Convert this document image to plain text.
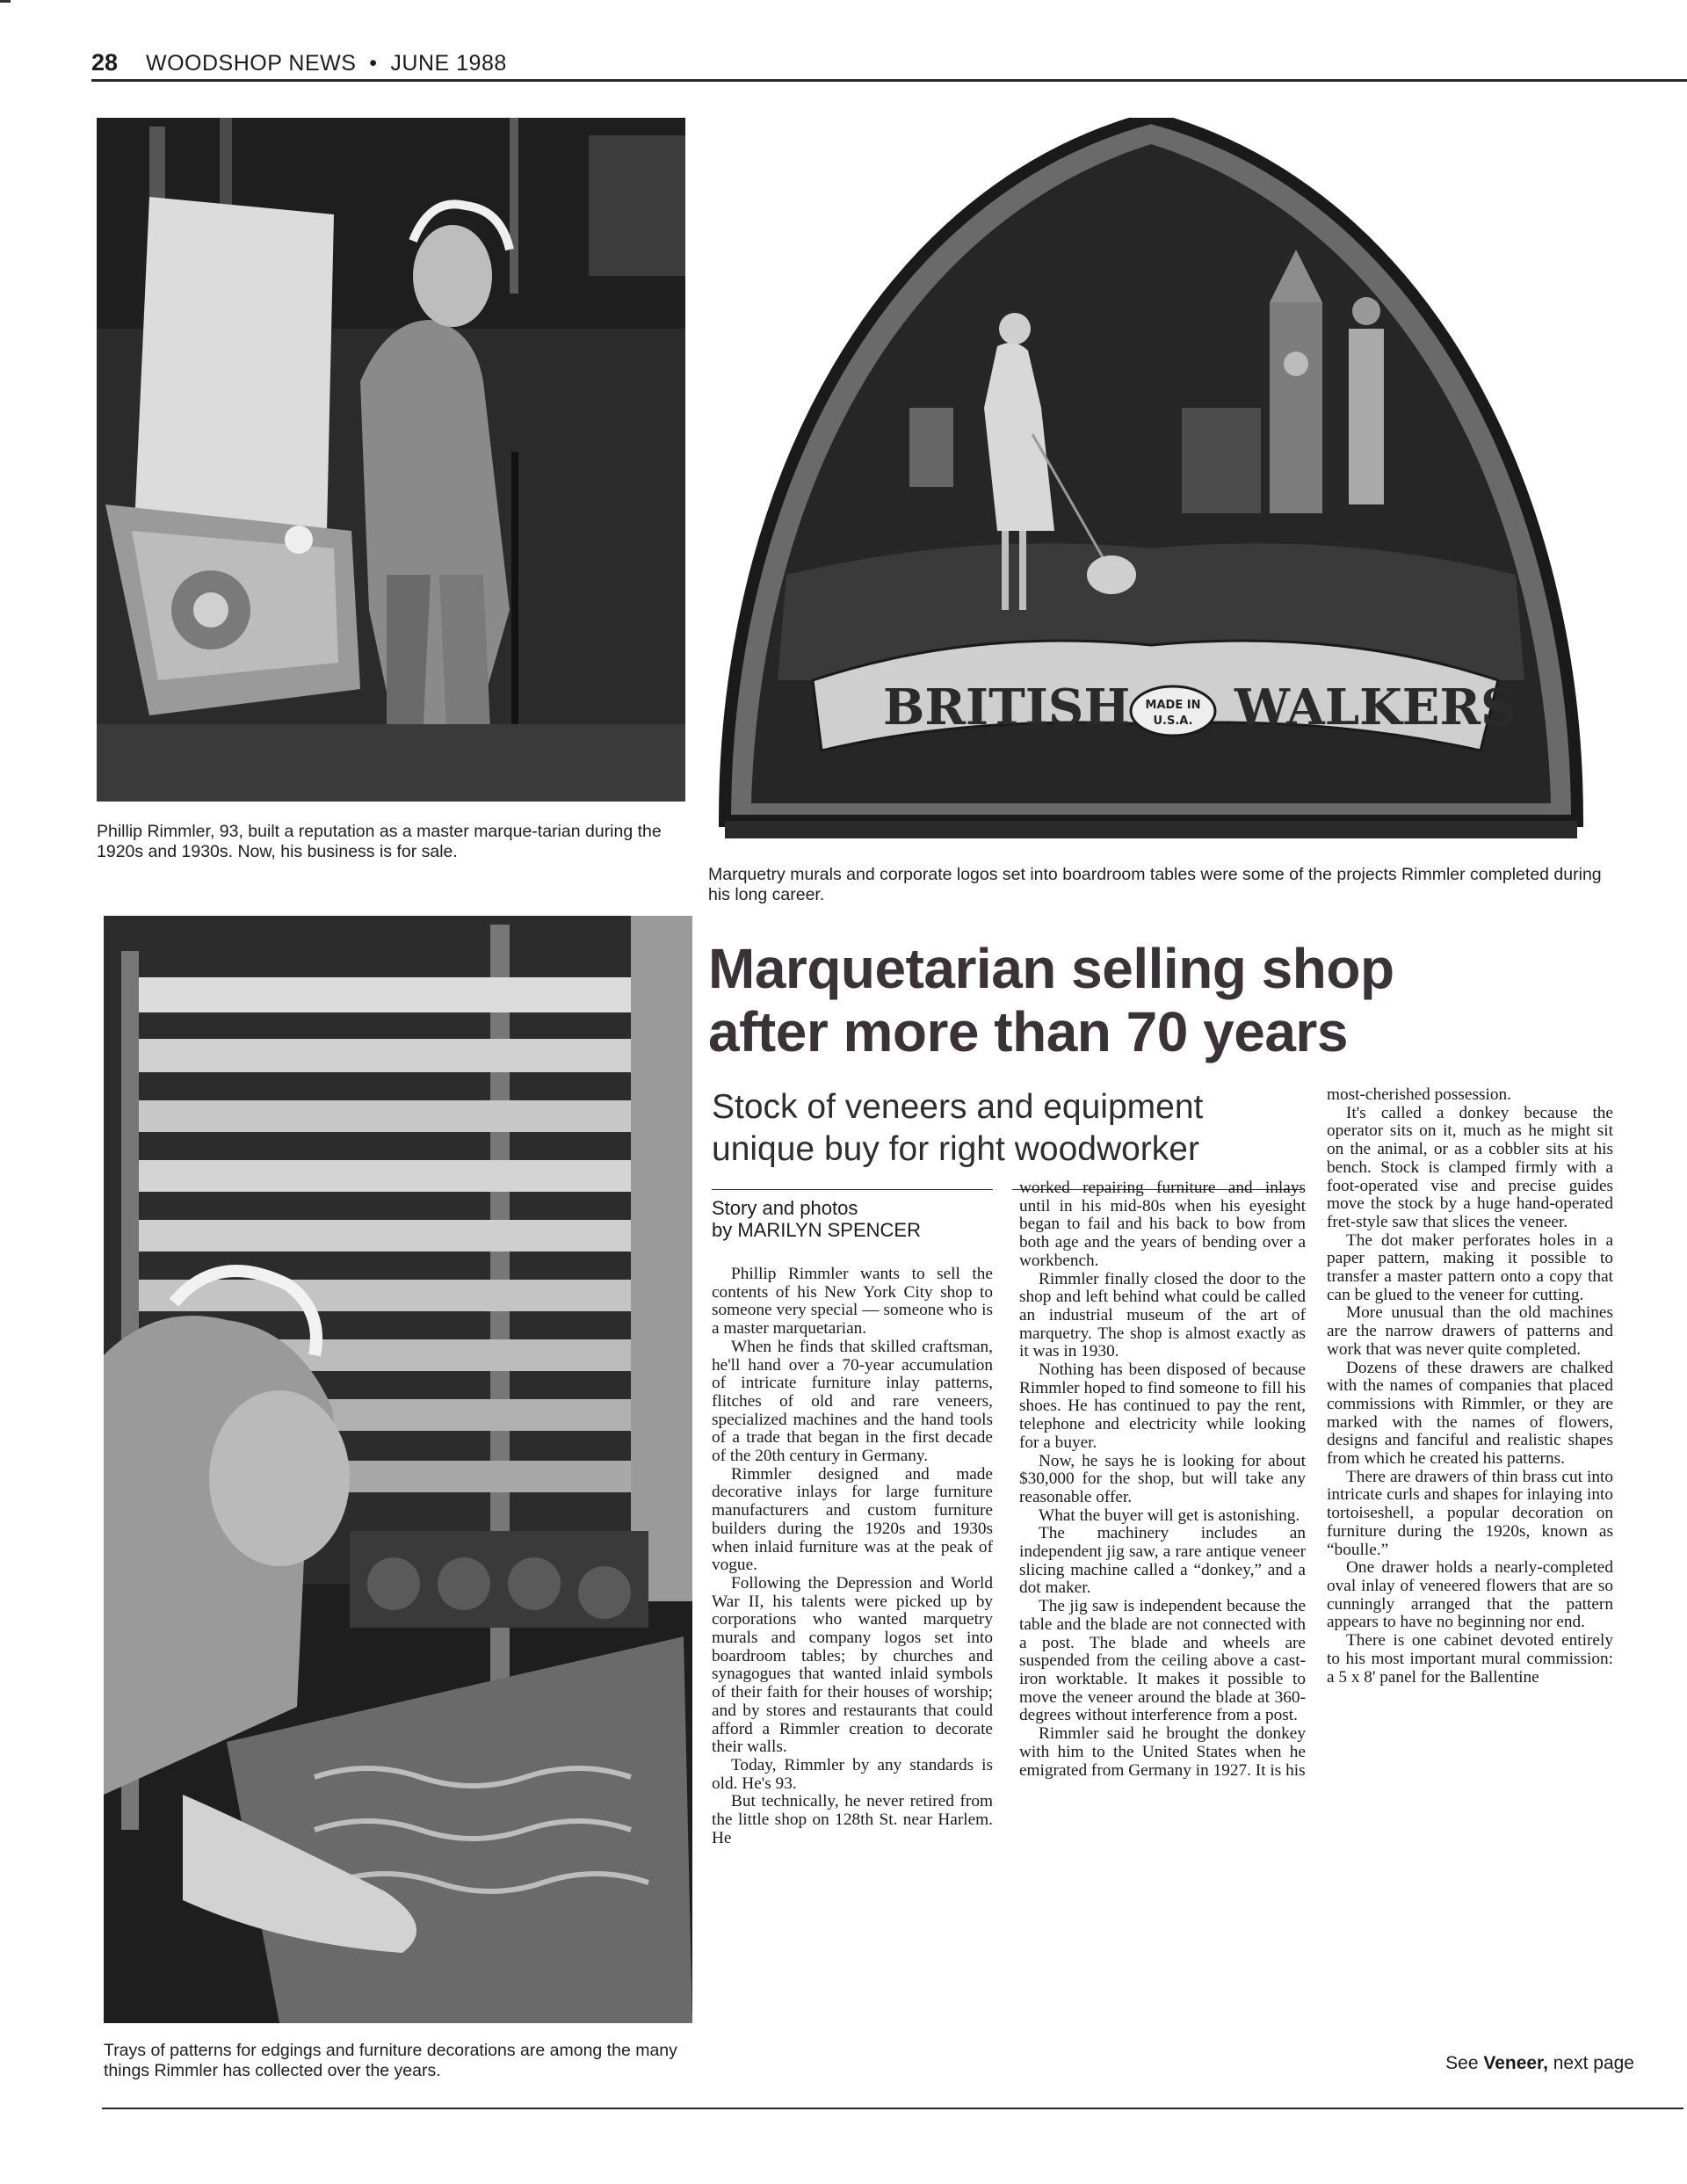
28 WOODSHOP NEWS  •  JUNE 1988
Phillip Rimmler, 93, built a reputation as a master marque-tarian during the 1920s and 1930s. Now, his business is for sale.
BRITISH WALKERS
MADE IN
U.S.A.
Marquetry murals and corporate logos set into boardroom tables were some of the projects Rimmler completed during his long career.
Trays of patterns for edgings and furniture decorations are among the many things Rimmler has collected over the years.
Marquetarian selling shop
after more than 70 years
Stock of veneers and equipment
unique buy for right woodworker
Story and photos
by MARILYN SPENCER

Phillip Rimmler wants to sell the contents of his New York City shop to someone very special — someone who is a master marquetarian.

When he finds that skilled craftsman, he'll hand over a 70-year accumulation of intricate furniture inlay patterns, flitches of old and rare veneers, specialized machines and the hand tools of a trade that began in the first decade of the 20th century in Germany.

Rimmler designed and made decorative inlays for large furniture manufacturers and custom furniture builders during the 1920s and 1930s when inlaid furniture was at the peak of vogue.

Following the Depression and World War II, his talents were picked up by corporations who wanted marquetry murals and company logos set into boardroom tables; by churches and synagogues that wanted inlaid symbols of their faith for their houses of worship; and by stores and restaurants that could afford a Rimmler creation to decorate their walls.

Today, Rimmler by any standards is old. He's 93.

But technically, he never retired from the little shop on 128th St. near Harlem. He

worked repairing furniture and inlays until in his mid-80s when his eyesight began to fail and his back to bow from both age and the years of bending over a workbench.

Rimmler finally closed the door to the shop and left behind what could be called an industrial museum of the art of marquetry. The shop is almost exactly as it was in 1930.

Nothing has been disposed of because Rimmler hoped to find someone to fill his shoes. He has continued to pay the rent, telephone and electricity while looking for a buyer.

Now, he says he is looking for about $30,000 for the shop, but will take any reasonable offer.

What the buyer will get is astonishing.

The machinery includes an independent jig saw, a rare antique veneer slicing machine called a “donkey,” and a dot maker.

The jig saw is independent because the table and the blade are not connected with a post. The blade and wheels are suspended from the ceiling above a cast-iron worktable. It makes it possible to move the veneer around the blade at 360-degrees without interference from a post.

Rimmler said he brought the donkey with him to the United States when he emigrated from Germany in 1927. It is his

most-cherished possession.

It's called a donkey because the operator sits on it, much as he might sit on the animal, or as a cobbler sits at his bench. Stock is clamped firmly with a foot-operated vise and precise guides move the stock by a huge hand-operated fret-style saw that slices the veneer.

The dot maker perforates holes in a paper pattern, making it possible to transfer a master pattern onto a copy that can be glued to the veneer for cutting.

More unusual than the old machines are the narrow drawers of patterns and work that was never quite completed.

Dozens of these drawers are chalked with the names of companies that placed commissions with Rimmler, or they are marked with the names of flowers, designs and fanciful and realistic shapes from which he created his patterns.

There are drawers of thin brass cut into intricate curls and shapes for inlaying into tortoiseshell, a popular decoration on furniture during the 1920s, known as “boulle.”

One drawer holds a nearly-completed oval inlay of veneered flowers that are so cunningly arranged that the pattern appears to have no beginning nor end.

There is one cabinet devoted entirely to his most important mural commission: a 5 x 8' panel for the Ballentine

See Veneer, next page
